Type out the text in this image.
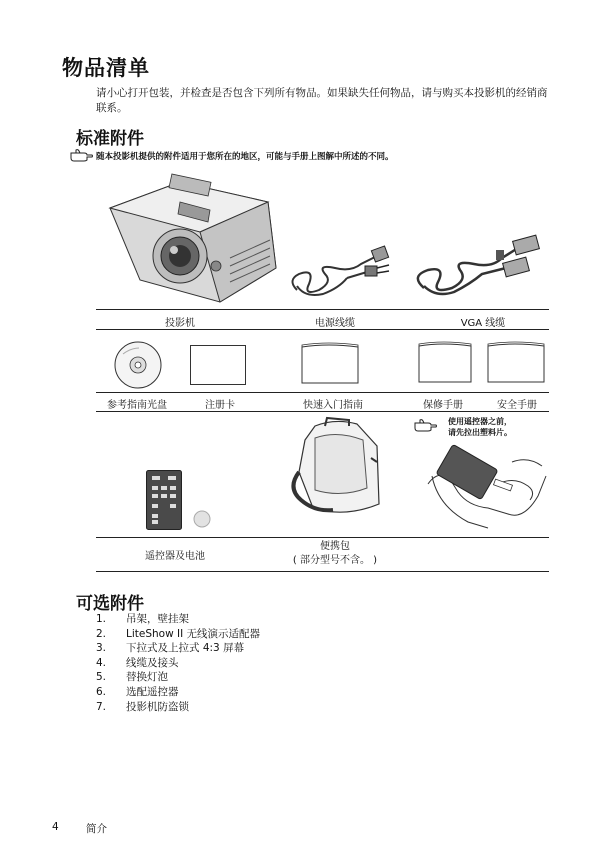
物品清单
请小心打开包装，并检查是否包含下列所有物品。如果缺失任何物品，请与购买本投影机的经销商联系。
标准附件
随本投影机提供的附件适用于您所在的地区，可能与手册上图解中所述的不同。
投影机	电源线缆	VGA 线缆
参考指南光盘	注册卡	快速入门指南	保修手册	安全手册
使用遥控器之前，
请先拉出塑料片。
遥控器及电池
便携包
( 部分型号不含。 )
可选附件
1. 吊架，壁挂架
2. LiteShow II 无线演示适配器
3. 下拉式及上拉式 4:3 屏幕
4. 线缆及接头
5. 替换灯泡
6. 选配遥控器
7. 投影机防盗锁
4	简介
